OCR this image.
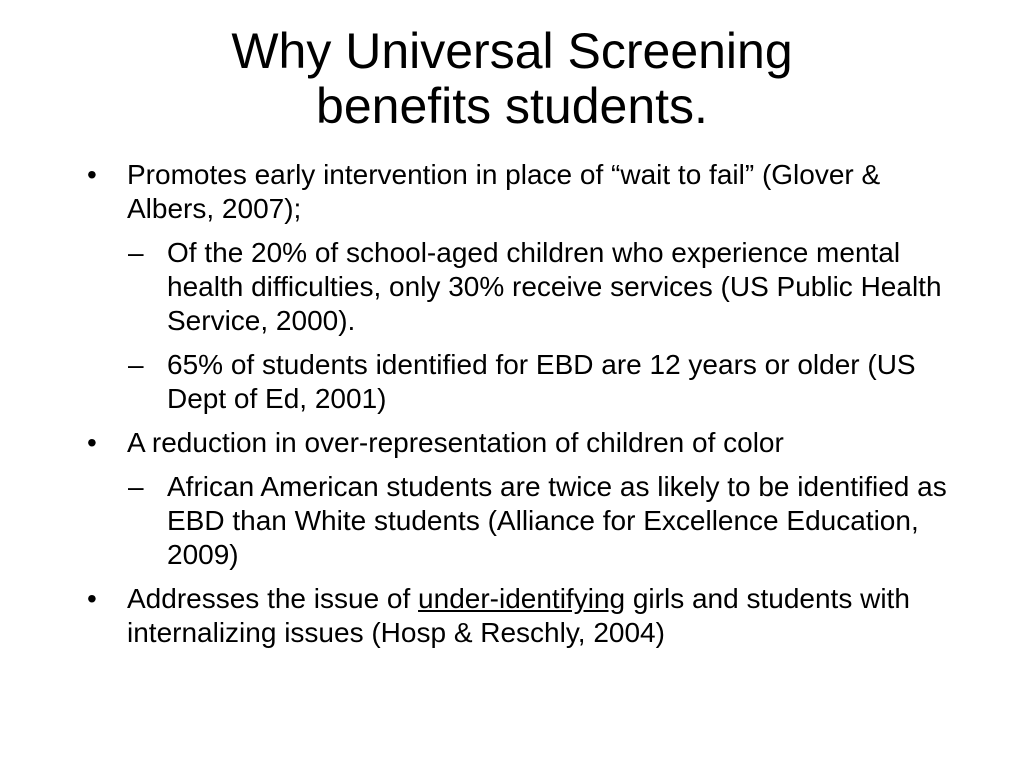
Why Universal Screening
benefits students.
• Promotes early intervention in place of “wait to fail” (Glover & Albers, 2007);
– Of the 20% of school-aged children who experience mental health difficulties, only 30% receive services (US Public Health Service, 2000).
– 65% of students identified for EBD are 12 years or older (US Dept of Ed, 2001)
• A reduction in over-representation of children of color
– African American students are twice as likely to be identified as EBD than White students (Alliance for Excellence Education, 2009)
• Addresses the issue of under-identifying girls and students with internalizing issues (Hosp & Reschly, 2004)
